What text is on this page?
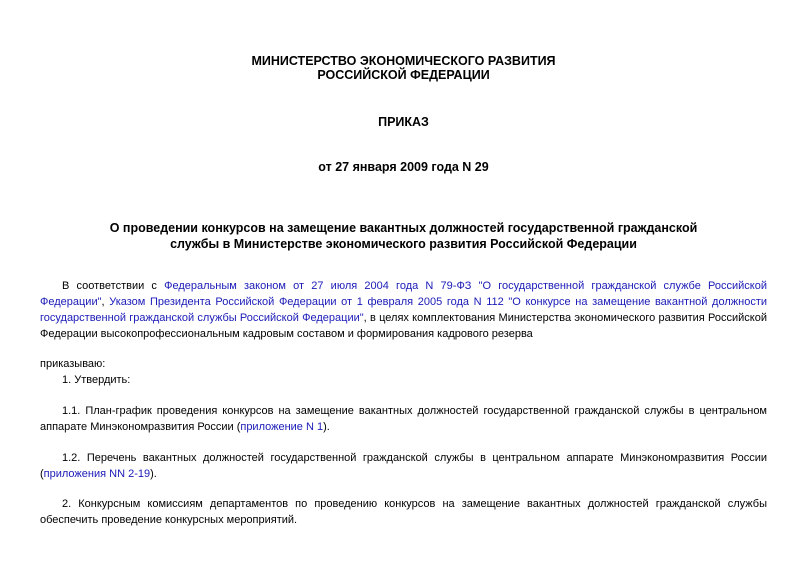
МИНИСТЕРСТВО ЭКОНОМИЧЕСКОГО РАЗВИТИЯ
РОССИЙСКОЙ ФЕДЕРАЦИИ
ПРИКАЗ
от 27 января 2009 года N 29
О проведении конкурсов на замещение вакантных должностей государственной гражданской
службы в Министерстве экономического развития Российской Федерации
В соответствии с Федеральным законом от 27 июля 2004 года N 79-ФЗ "О государственной гражданской службе Российской Федерации", Указом Президента Российской Федерации от 1 февраля 2005 года N 112 "О конкурсе на замещение вакантной должности государственной гражданской службы Российской Федерации", в целях комплектования Министерства экономического развития Российской Федерации высокопрофессиональным кадровым составом и формирования кадрового резерва
приказываю:
1. Утвердить:
1.1. План-график проведения конкурсов на замещение вакантных должностей государственной гражданской службы в центральном аппарате Минэкономразвития России (приложение N 1).
1.2. Перечень вакантных должностей государственной гражданской службы в центральном аппарате Минэкономразвития России (приложения NN 2-19).
2. Конкурсным комиссиям департаментов по проведению конкурсов на замещение вакантных должностей гражданской службы обеспечить проведение конкурсных мероприятий.
